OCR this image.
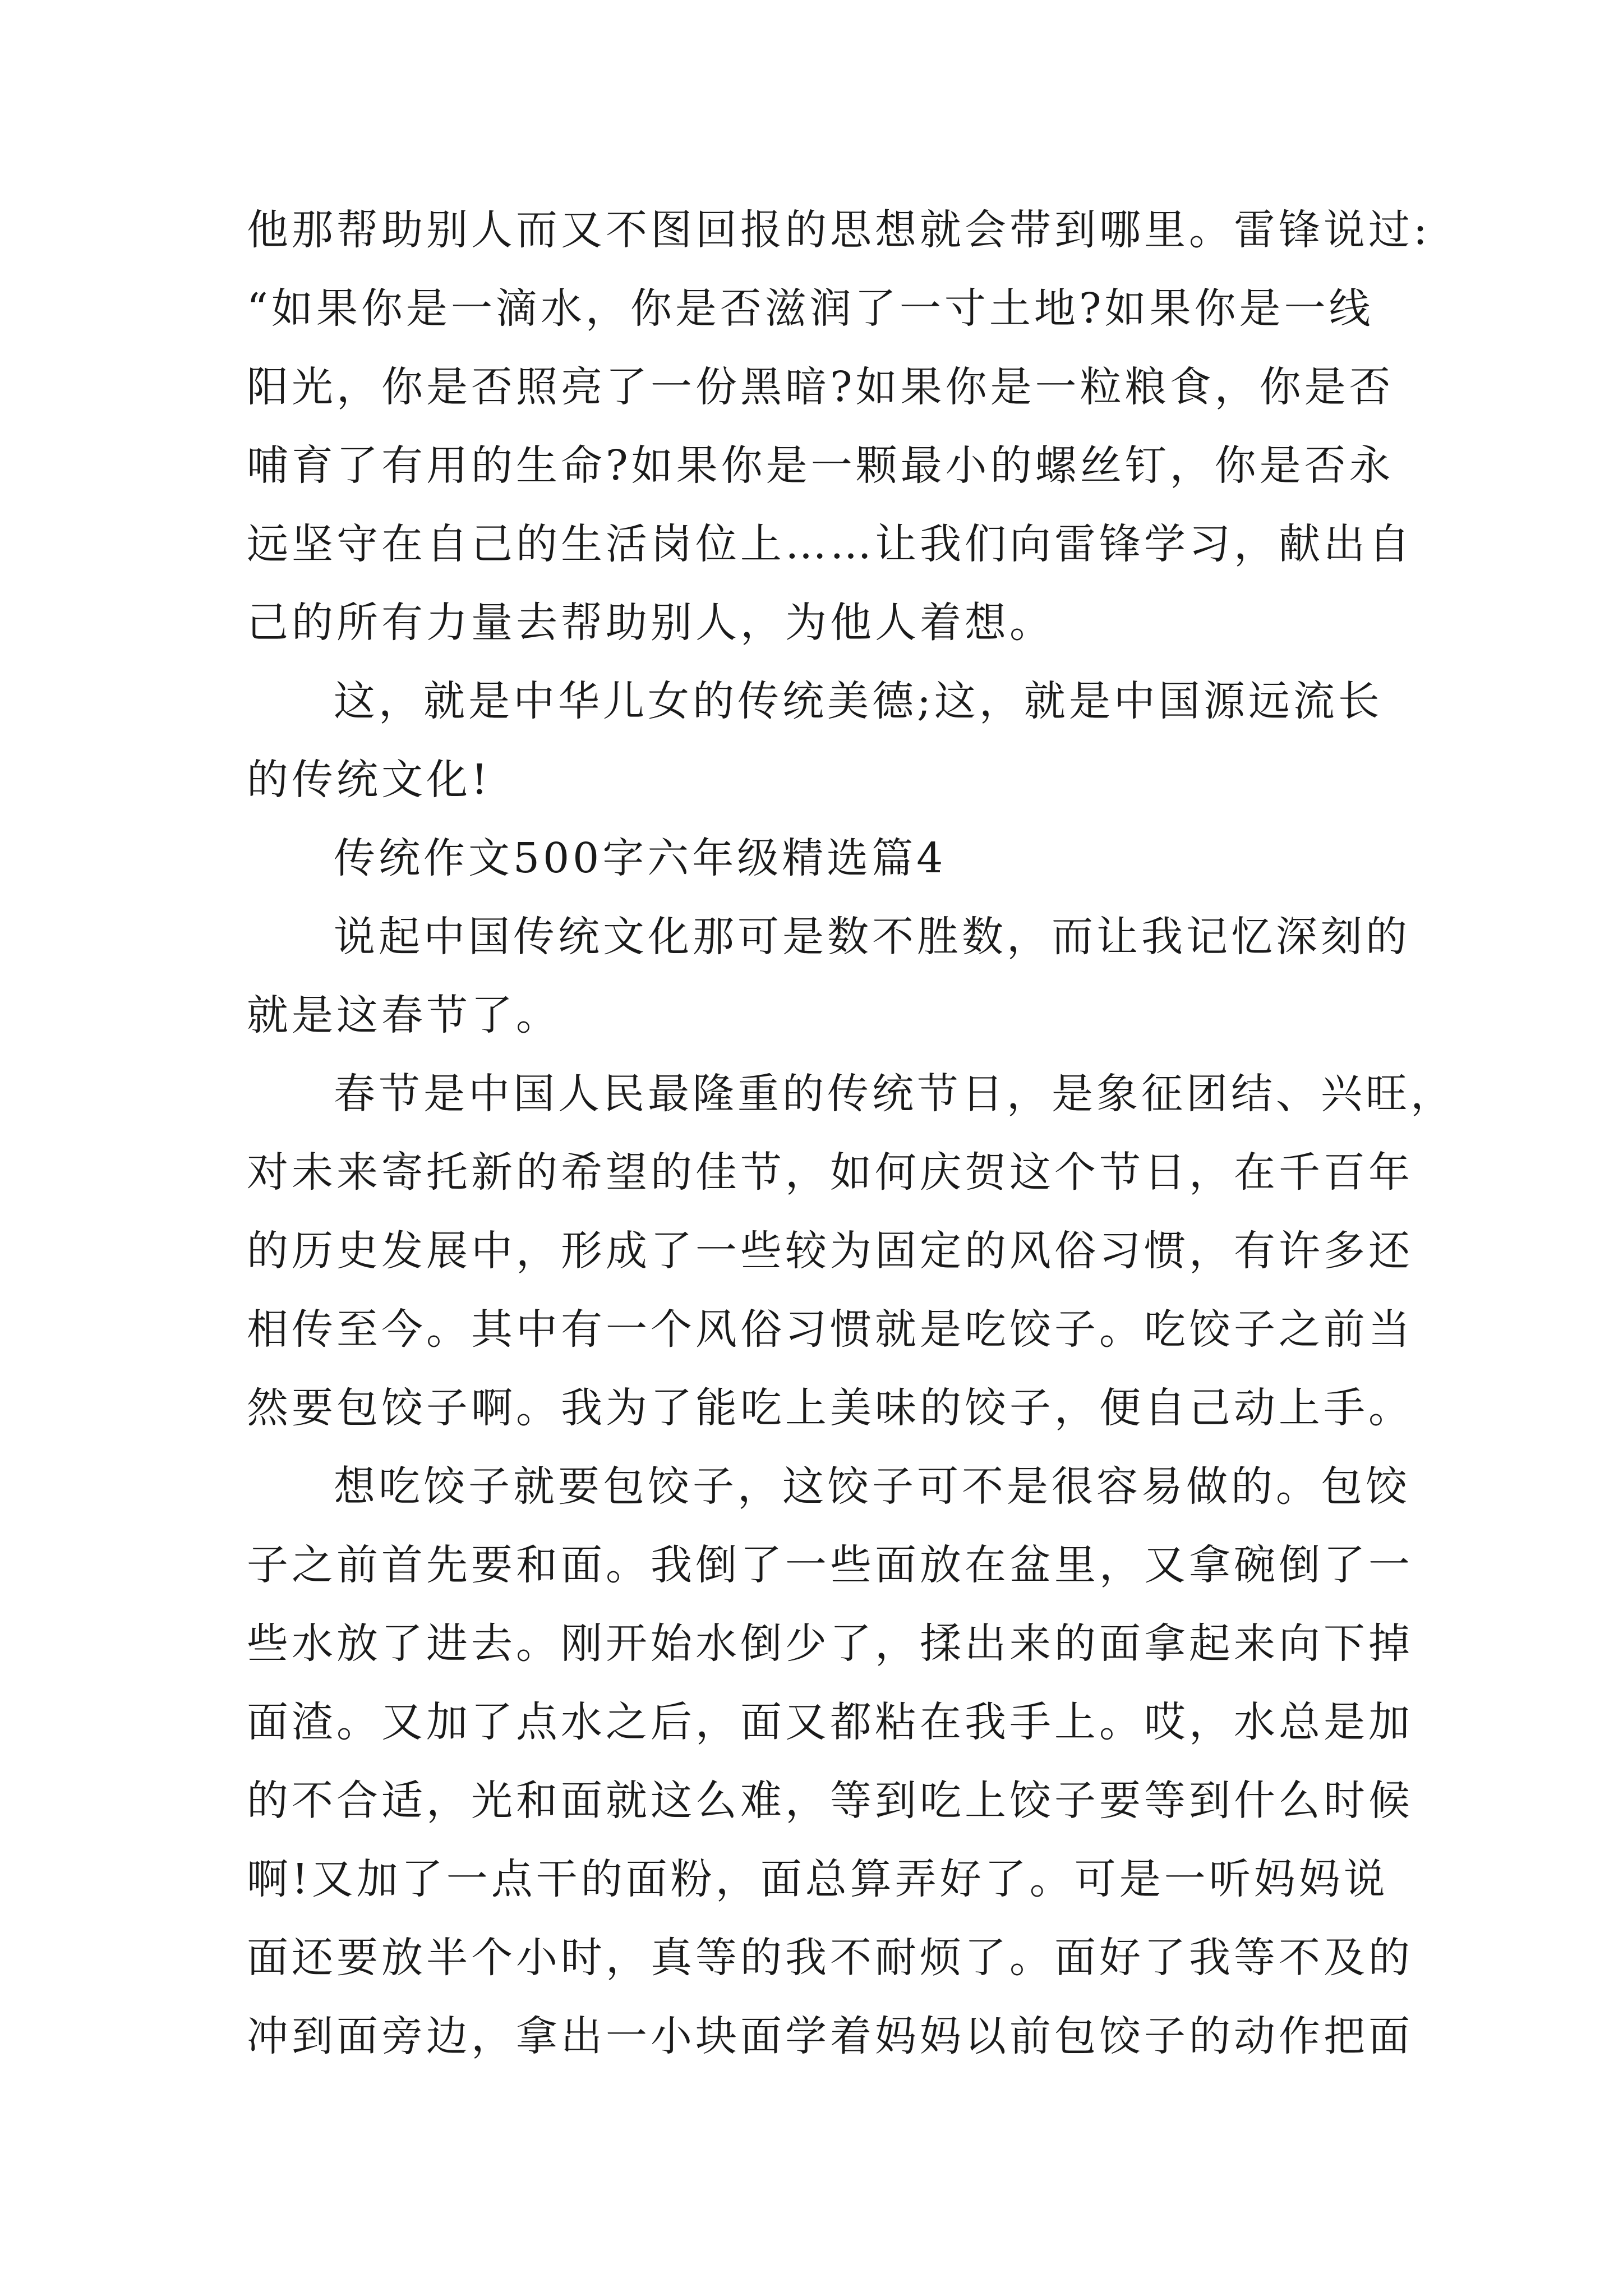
他那帮助别人而又不图回报的思想就会带到哪里。雷锋说过:
“如果你是一滴水，你是否滋润了一寸土地?如果你是一线
阳光，你是否照亮了一份黑暗?如果你是一粒粮食，你是否
哺育了有用的生命?如果你是一颗最小的螺丝钉，你是否永
远坚守在自己的生活岗位上……让我们向雷锋学习，献出自
己的所有力量去帮助别人，为他人着想。
这，就是中华儿女的传统美德;这，就是中国源远流长
的传统文化!
传统作文500字六年级精选篇4
说起中国传统文化那可是数不胜数，而让我记忆深刻的
就是这春节了。
春节是中国人民最隆重的传统节日，是象征团结、兴旺，
对未来寄托新的希望的佳节，如何庆贺这个节日，在千百年
的历史发展中，形成了一些较为固定的风俗习惯，有许多还
相传至今。其中有一个风俗习惯就是吃饺子。吃饺子之前当
然要包饺子啊。我为了能吃上美味的饺子，便自己动上手。
想吃饺子就要包饺子，这饺子可不是很容易做的。包饺
子之前首先要和面。我倒了一些面放在盆里，又拿碗倒了一
些水放了进去。刚开始水倒少了，揉出来的面拿起来向下掉
面渣。又加了点水之后，面又都粘在我手上。哎，水总是加
的不合适，光和面就这么难，等到吃上饺子要等到什么时候
啊!又加了一点干的面粉，面总算弄好了。可是一听妈妈说
面还要放半个小时，真等的我不耐烦了。面好了我等不及的
冲到面旁边，拿出一小块面学着妈妈以前包饺子的动作把面
